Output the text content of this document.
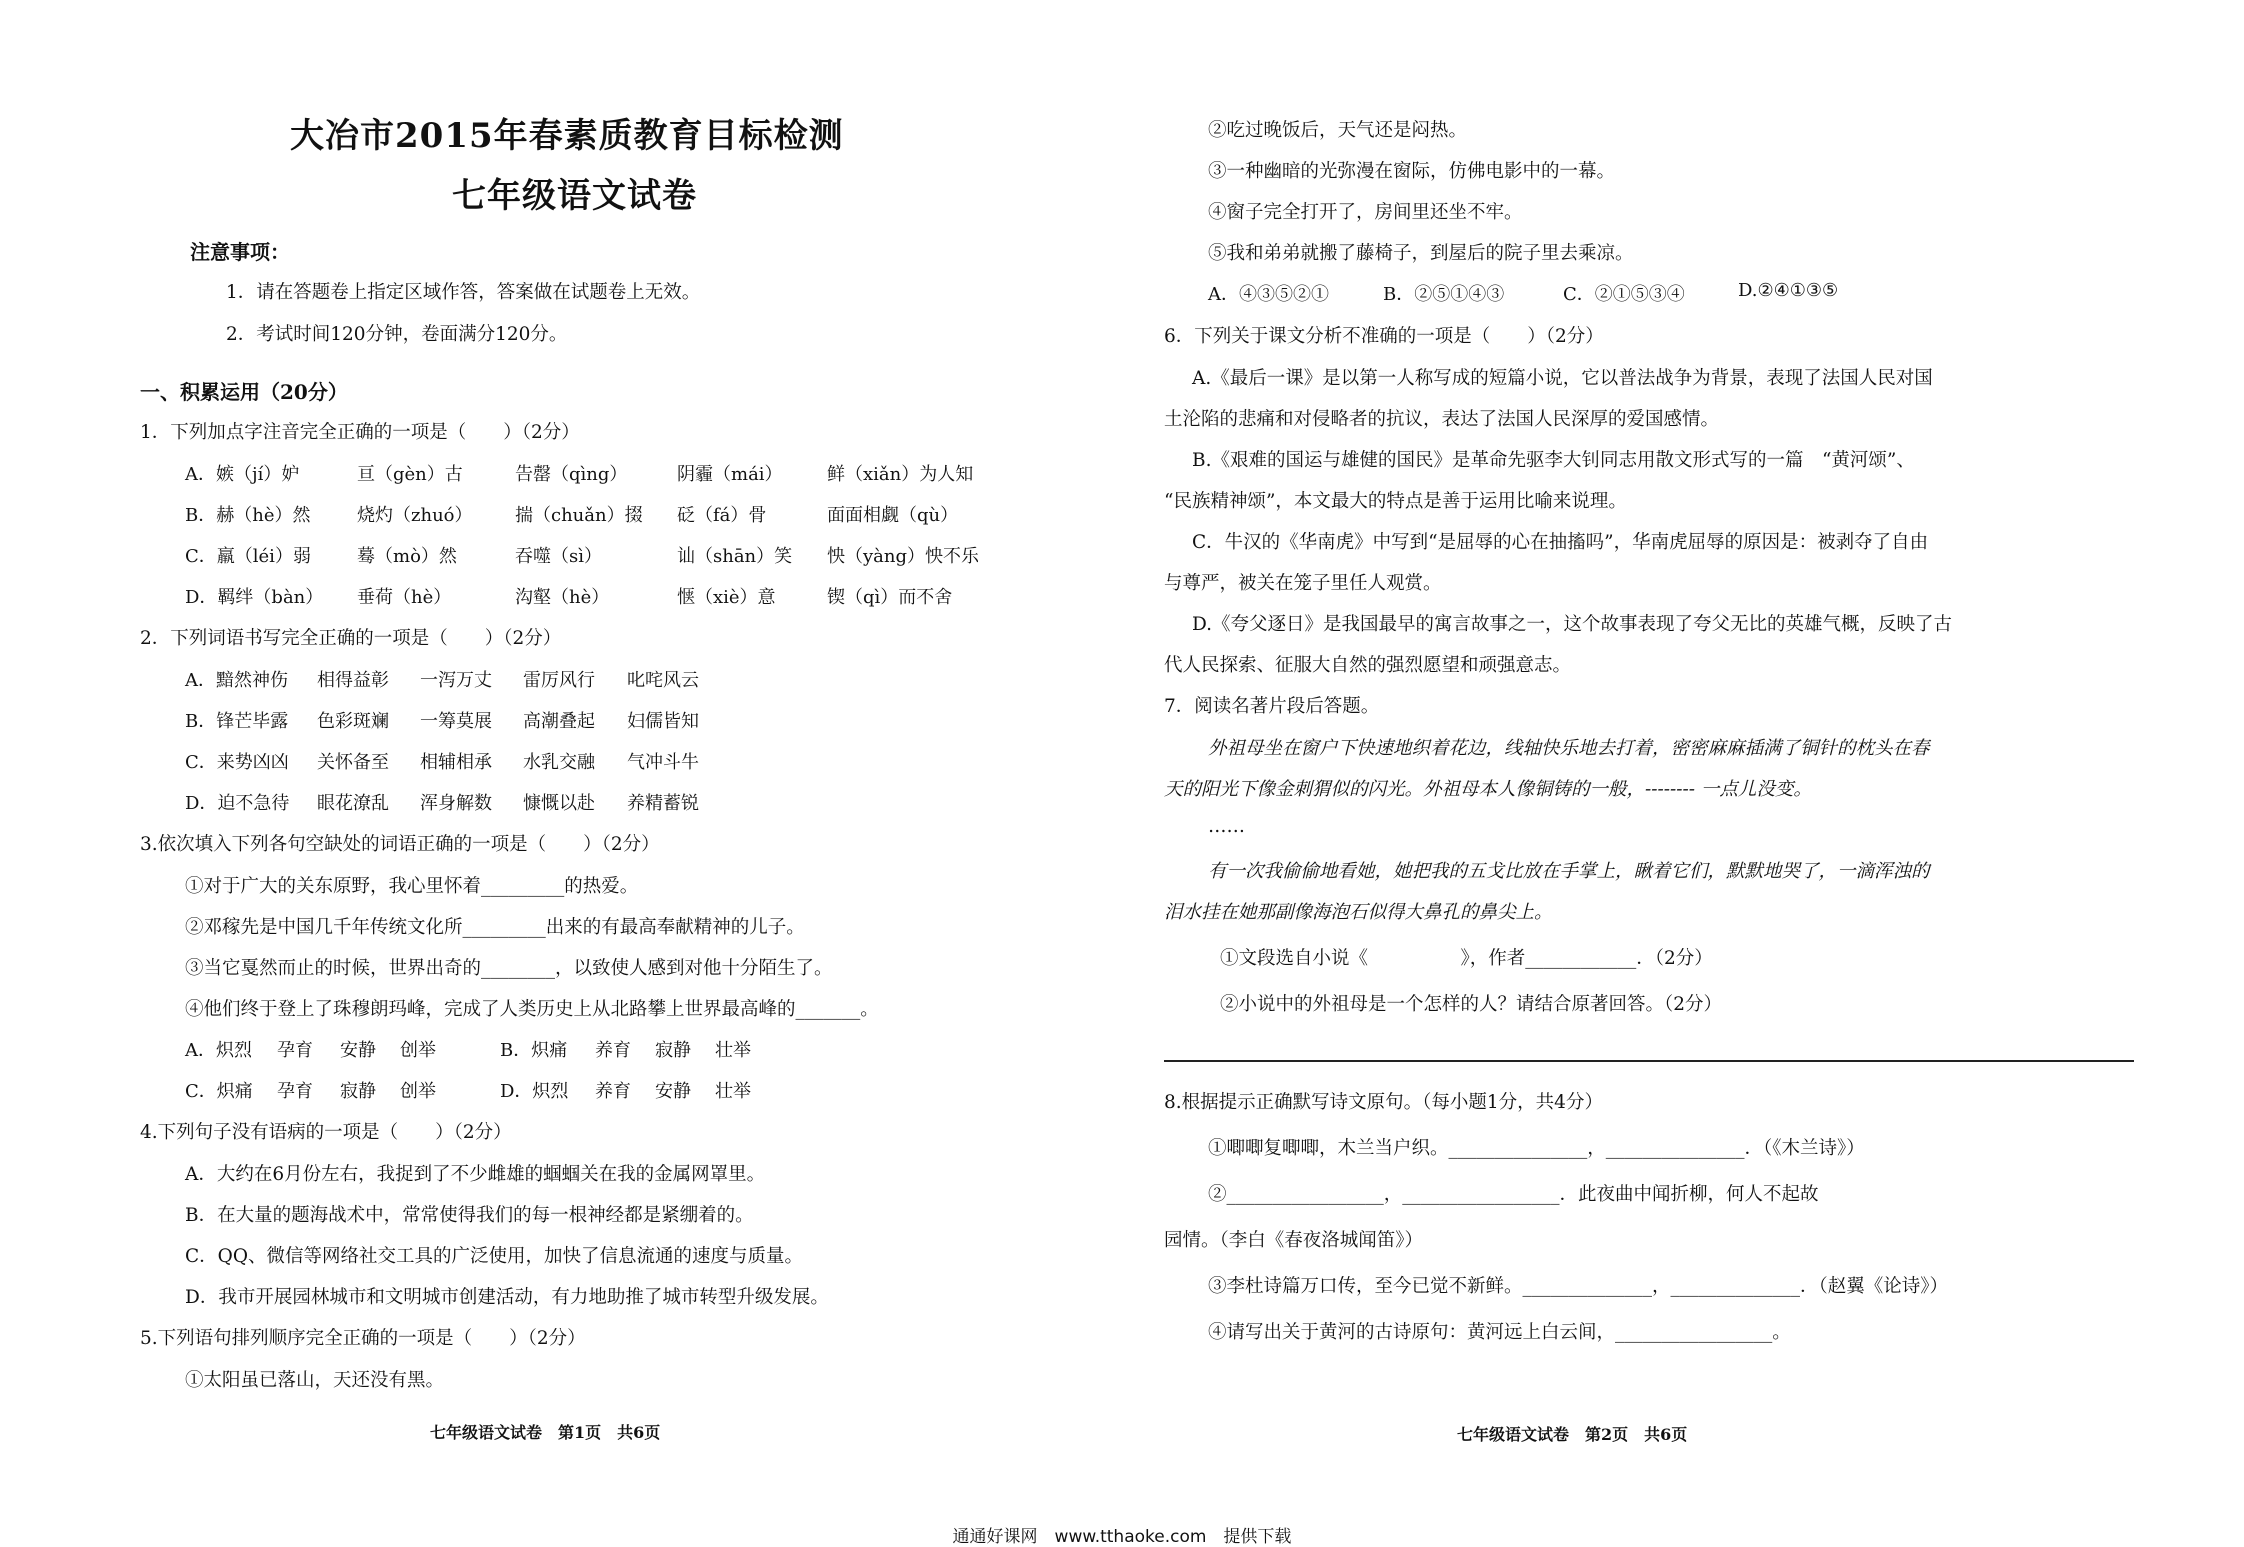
大冶市2015年春素质教育目标检测
七年级语文试卷
注意事项：
1．请在答题卷上指定区域作答，答案做在试题卷上无效。
2．考试时间120分钟，卷面满分120分。
一、积累运用（20分）
1．下列加点字注音完全正确的一项是（　　）（2分）
A．嫉（jí）妒	亘（gèn）古	告罄（qìng）	阴霾（mái） 鲜（xiǎn）为人知
B．赫（hè）然	烧灼（zhuó） 揣（chuǎn）掇 砭（fá）骨	面面相觑（qù）
C．羸（léi）弱	蓦（mò）然	吞噬（sì）	讪（shān）笑 怏（yàng）怏不乐
D．羁绊（bàn） 垂荷（hè）	沟壑（hè）	惬（xiè）意	锲（qì）而不舍
2．下列词语书写完全正确的一项是（　　）（2分）
A．黯然神伤 相得益彰 一泻万丈 雷厉风行 叱咤风云
B．锋芒毕露 色彩斑斓 一筹莫展 高潮叠起 妇儒皆知
C．来势凶凶 关怀备至 相辅相承 水乳交融 气冲斗牛
D．迫不急待 眼花潦乱 浑身解数 慷慨以赴 养精蓄锐
3.依次填入下列各句空缺处的词语正确的一项是（　　）（2分）
①对于广大的关东原野，我心里怀着_________的热爱。
②邓稼先是中国几千年传统文化所_________出来的有最高奉献精神的儿子。
③当它戛然而止的时候，世界出奇的________，以致使人感到对他十分陌生了。
④他们终于登上了珠穆朗玛峰，完成了人类历史上从北路攀上世界最高峰的_______。
A．炽烈 孕育 安静 创举	B．炽痛 养育 寂静 壮举
C．炽痛 孕育 寂静 创举	D．炽烈 养育 安静 壮举
4.下列句子没有语病的一项是（　　）（2分）
A．大约在6月份左右，我捉到了不少雌雄的蝈蝈关在我的金属网罩里。
B．在大量的题海战术中，常常使得我们的每一根神经都是紧绷着的。
C．QQ、微信等网络社交工具的广泛使用，加快了信息流通的速度与质量。
D．我市开展园林城市和文明城市创建活动，有力地助推了城市转型升级发展。
5.下列语句排列顺序完全正确的一项是（　　）（2分）
①太阳虽已落山，天还没有黑。
七年级语文试卷　第1页　共6页
②吃过晚饭后，天气还是闷热。
③一种幽暗的光弥漫在窗际，仿佛电影中的一幕。
④窗子完全打开了，房间里还坐不牢。
⑤我和弟弟就搬了藤椅子，到屋后的院子里去乘凉。
A．④③⑤②①	B．②⑤①④③	C．②①⑤③④	D.②④①③⑤
6．下列关于课文分析不准确的一项是（　　）（2分）
A.《最后一课》是以第一人称写成的短篇小说，它以普法战争为背景，表现了法国人民对国
土沦陷的悲痛和对侵略者的抗议，表达了法国人民深厚的爱国感情。
B.《艰难的国运与雄健的国民》是革命先驱李大钊同志用散文形式写的一篇　“黄河颂”、
“民族精神颂”，本文最大的特点是善于运用比喻来说理。
C．牛汉的《华南虎》中写到“是屈辱的心在抽搐吗”，华南虎屈辱的原因是：被剥夺了自由
与尊严，被关在笼子里任人观赏。
D.《夸父逐日》是我国最早的寓言故事之一，这个故事表现了夸父无比的英雄气概，反映了古
代人民探索、征服大自然的强烈愿望和顽强意志。
7．阅读名著片段后答题。
外祖母坐在窗户下快速地织着花边，线轴快乐地去打着，密密麻麻插满了铜针的枕头在春
天的阳光下像金刺猬似的闪光。外祖母本人像铜铸的一般，-------- 一点儿没变。
……
有一次我偷偷地看她，她把我的五戈比放在手掌上，瞅着它们，默默地哭了，一滴浑浊的
泪水挂在她那副像海泡石似得大鼻孔的鼻尖上。
①文段选自小说《　　　　　》，作者____________．（2分）
②小说中的外祖母是一个怎样的人？请结合原著回答。（2分）
8.根据提示正确默写诗文原句。（每小题1分，共4分）
①唧唧复唧唧，木兰当户织。_______________，_______________．（《木兰诗》）
②_________________，_________________．此夜曲中闻折柳，何人不起故
园情。（李白《春夜洛城闻笛》）
③李杜诗篇万口传，至今已觉不新鲜。______________，______________．（赵翼《论诗》）
④请写出关于黄河的古诗原句：黄河远上白云间，_________________。
七年级语文试卷　第2页　共6页
通通好课网　www.tthaoke.com　提供下载
